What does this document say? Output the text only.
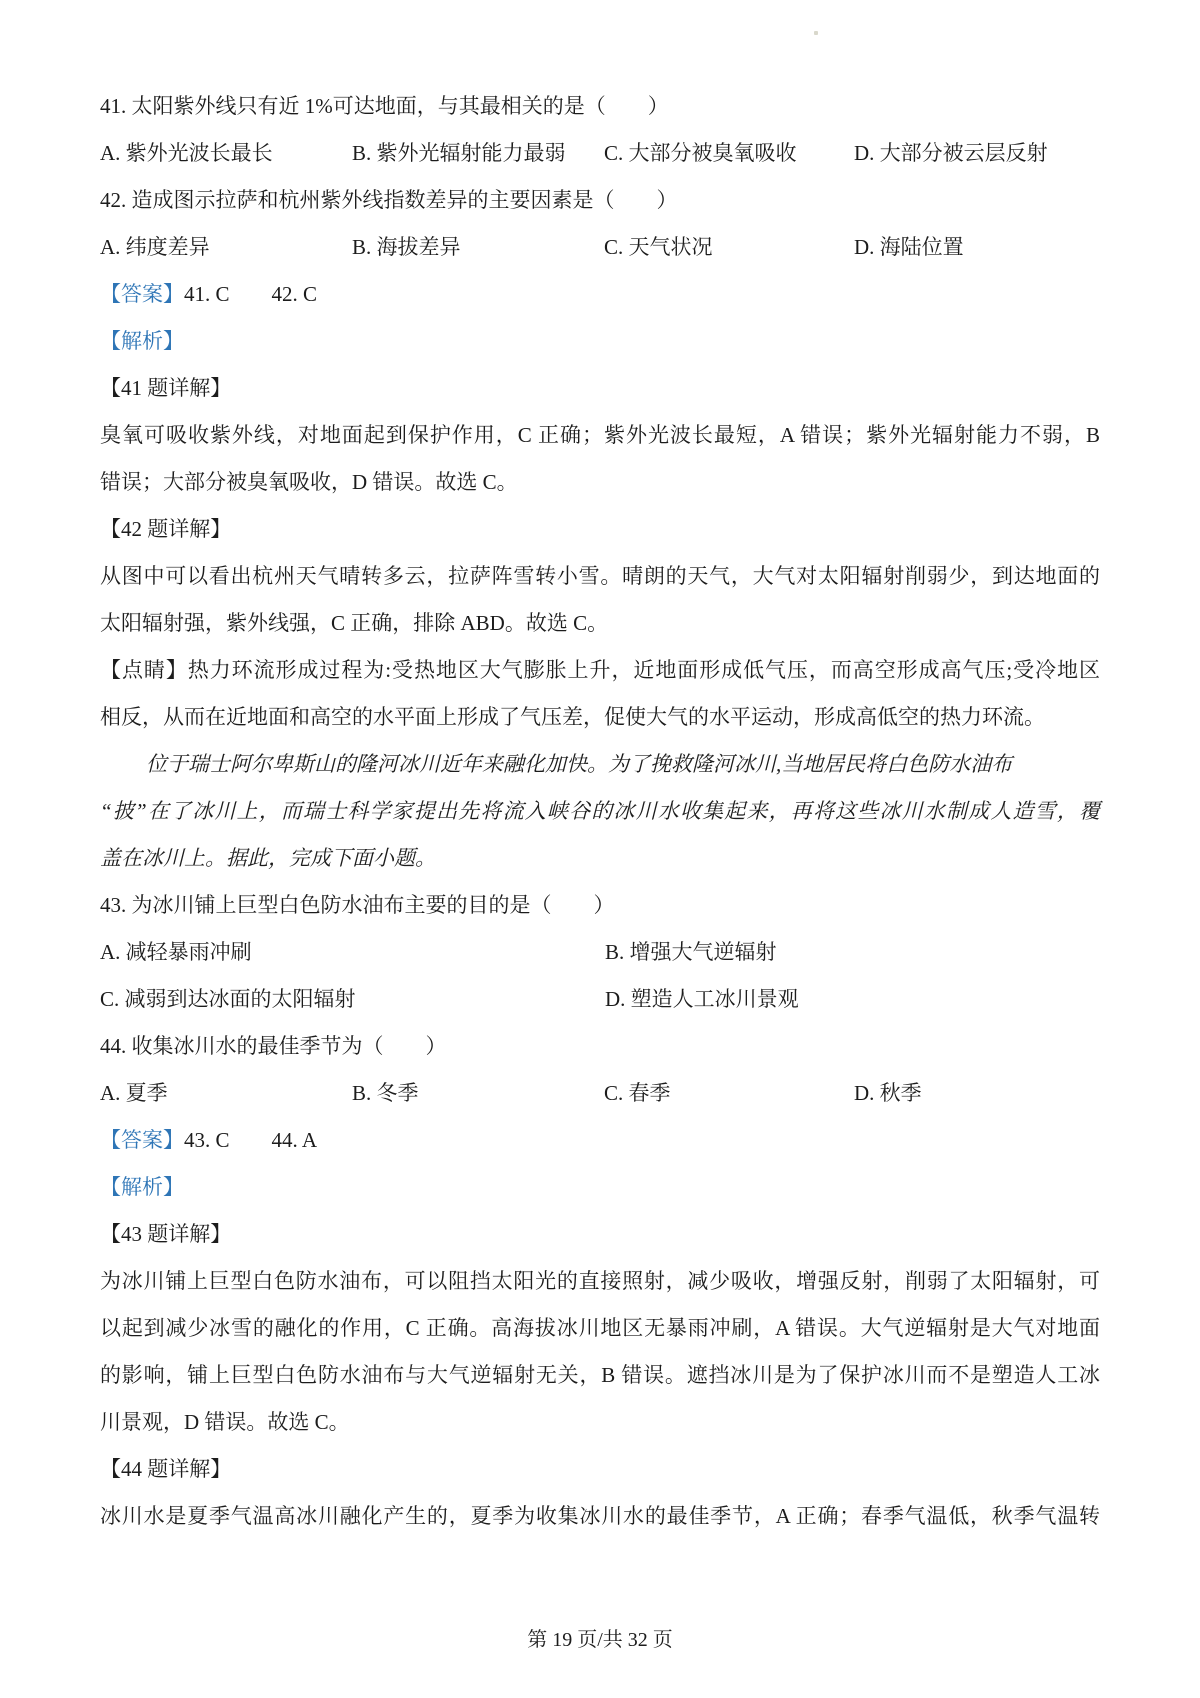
41. 太阳紫外线只有近 1%可达地面，与其最相关的是（　　）
A. 紫外光波长最长	B. 紫外光辐射能力最弱	C. 大部分被臭氧吸收	D. 大部分被云层反射
42. 造成图示拉萨和杭州紫外线指数差异的主要因素是（　　）
A. 纬度差异	B. 海拔差异	C. 天气状况	D. 海陆位置
【答案】41. C 42. C
【解析】
【41 题详解】
臭氧可吸收紫外线，对地面起到保护作用，C 正确；紫外光波长最短，A 错误；紫外光辐射能力不弱，B
错误；大部分被臭氧吸收，D 错误。故选 C。
【42 题详解】
从图中可以看出杭州天气晴转多云，拉萨阵雪转小雪。晴朗的天气，大气对太阳辐射削弱少，到达地面的
太阳辐射强，紫外线强，C 正确，排除 ABD。故选 C。
【点睛】热力环流形成过程为:受热地区大气膨胀上升，近地面形成低气压，而高空形成高气压;受冷地区
相反，从而在近地面和高空的水平面上形成了气压差，促使大气的水平运动，形成高低空的热力环流。
位于瑞士阿尔卑斯山的隆河冰川近年来融化加快。为了挽救隆河冰川,当地居民将白色防水油布
“披”在了冰川上，而瑞士科学家提出先将流入峡谷的冰川水收集起来，再将这些冰川水制成人造雪，覆
盖在冰川上。据此，完成下面小题。
43. 为冰川铺上巨型白色防水油布主要的目的是（　　）
A. 减轻暴雨冲刷	B. 增强大气逆辐射
C. 减弱到达冰面的太阳辐射	D. 塑造人工冰川景观
44. 收集冰川水的最佳季节为（　　）
A. 夏季	B. 冬季	C. 春季	D. 秋季
【答案】43. C 44. A
【解析】
【43 题详解】
为冰川铺上巨型白色防水油布，可以阻挡太阳光的直接照射，减少吸收，增强反射，削弱了太阳辐射，可
以起到减少冰雪的融化的作用，C 正确。高海拔冰川地区无暴雨冲刷，A 错误。大气逆辐射是大气对地面
的影响，铺上巨型白色防水油布与大气逆辐射无关，B 错误。遮挡冰川是为了保护冰川而不是塑造人工冰
川景观，D 错误。故选 C。
【44 题详解】
冰川水是夏季气温高冰川融化产生的，夏季为收集冰川水的最佳季节，A 正确；春季气温低，秋季气温转
第 19 页/共 32 页
